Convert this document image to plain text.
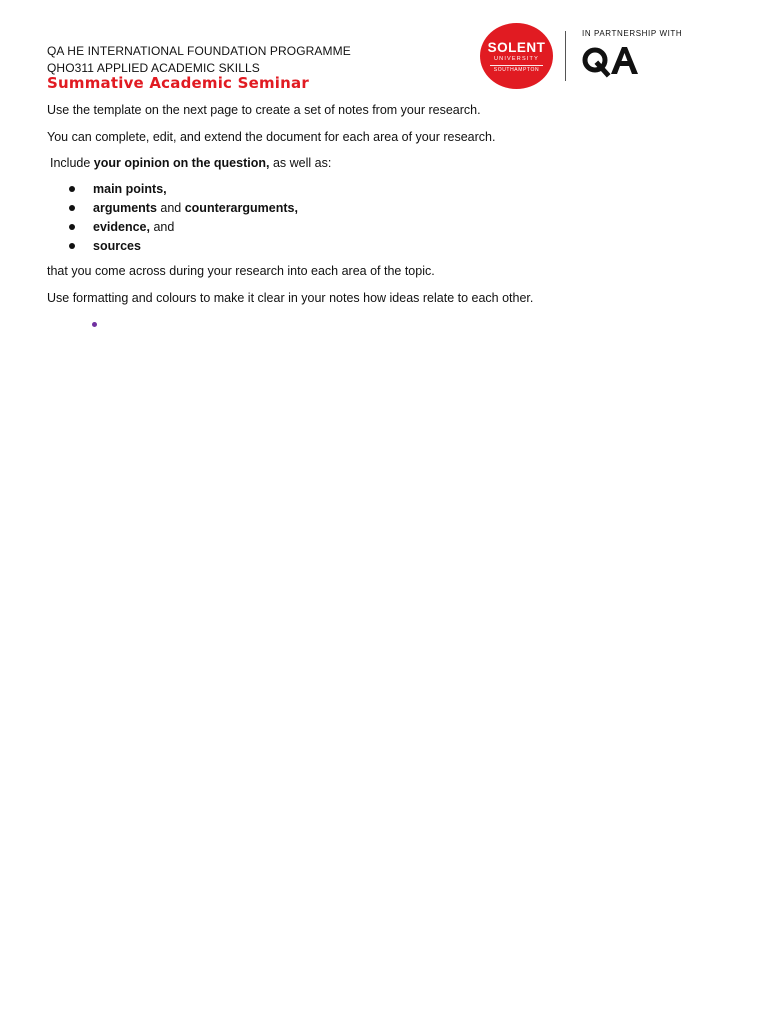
QA HE INTERNATIONAL FOUNDATION PROGRAMME
QHO311 APPLIED ACADEMIC SKILLS
Summative Academic Seminar
SOLENT
UNIVERSITY
SOUTHAMPTON
IN PARTNERSHIP WITH

Use the template on the next page to create a set of notes from your research.

You can complete, edit, and extend the document for each area of your research.

Include your opinion on the question, as well as:

main points,
arguments and counterarguments,
evidence, and
sources

that you come across during your research into each area of the topic.

Use formatting and colours to make it clear in your notes how ideas relate to each other.
